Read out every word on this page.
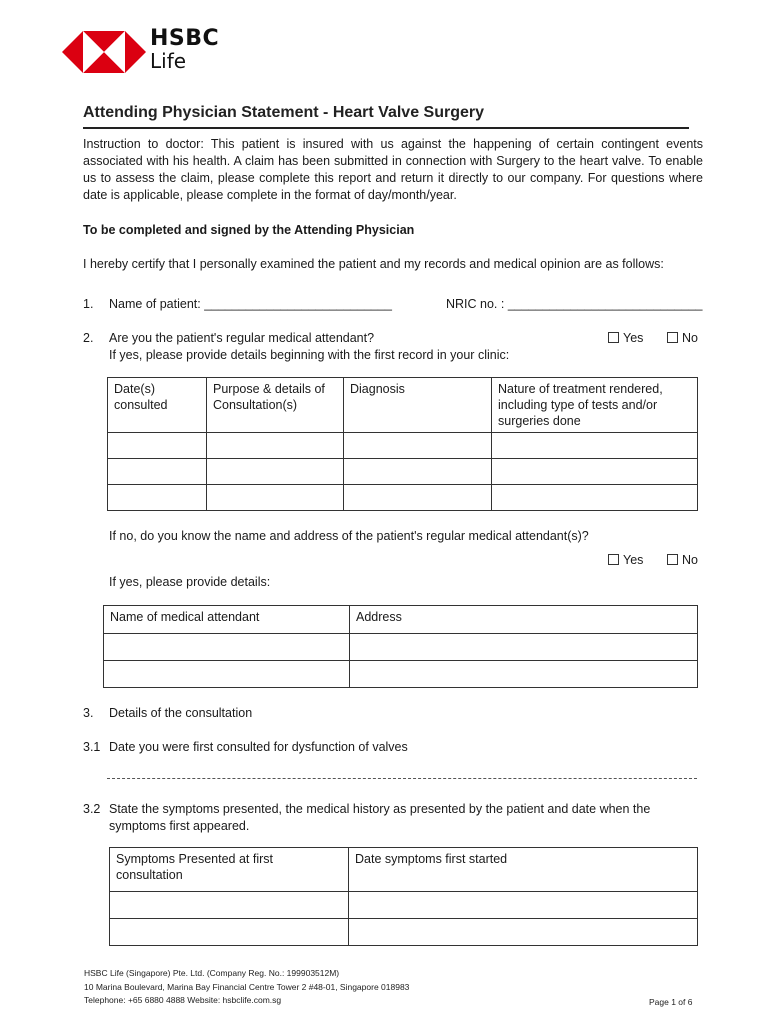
HSBC
Life
Attending Physician Statement - Heart Valve Surgery
Instruction to doctor: This patient is insured with us against the happening of certain contingent events associated with his health. A claim has been submitted in connection with Surgery to the heart valve. To enable us to assess the claim, please complete this report and return it directly to our company. For questions where date is applicable, please complete in the format of day/month/year.
To be completed and signed by the Attending Physician
I hereby certify that I personally examined the patient and my records and medical opinion are as follows:
1. Name of patient: ___________________________	NRIC no. : ____________________________
2. Are you the patient's regular medical attendant?
If yes, please provide details beginning with the first record in your clinic:
Yes	No
Date(s) consulted	Purpose & details of Consultation(s)	Diagnosis	Nature of treatment rendered, including type of tests and/or surgeries done

If no, do you know the name and address of the patient's regular medical attendant(s)?
Yes	No
If yes, please provide details:
Name of medical attendant	Address

3. Details of the consultation
3.1 Date you were first consulted for dysfunction of valves
3.2 State the symptoms presented, the medical history as presented by the patient and date when the symptoms first appeared.
Symptoms Presented at first consultation	Date symptoms first started

HSBC Life (Singapore) Pte. Ltd. (Company Reg. No.: 199903512M)
10 Marina Boulevard, Marina Bay Financial Centre Tower 2 #48-01, Singapore 018983
Telephone: +65 6880 4888 Website: hsbclife.com.sg	Page 1 of 6
